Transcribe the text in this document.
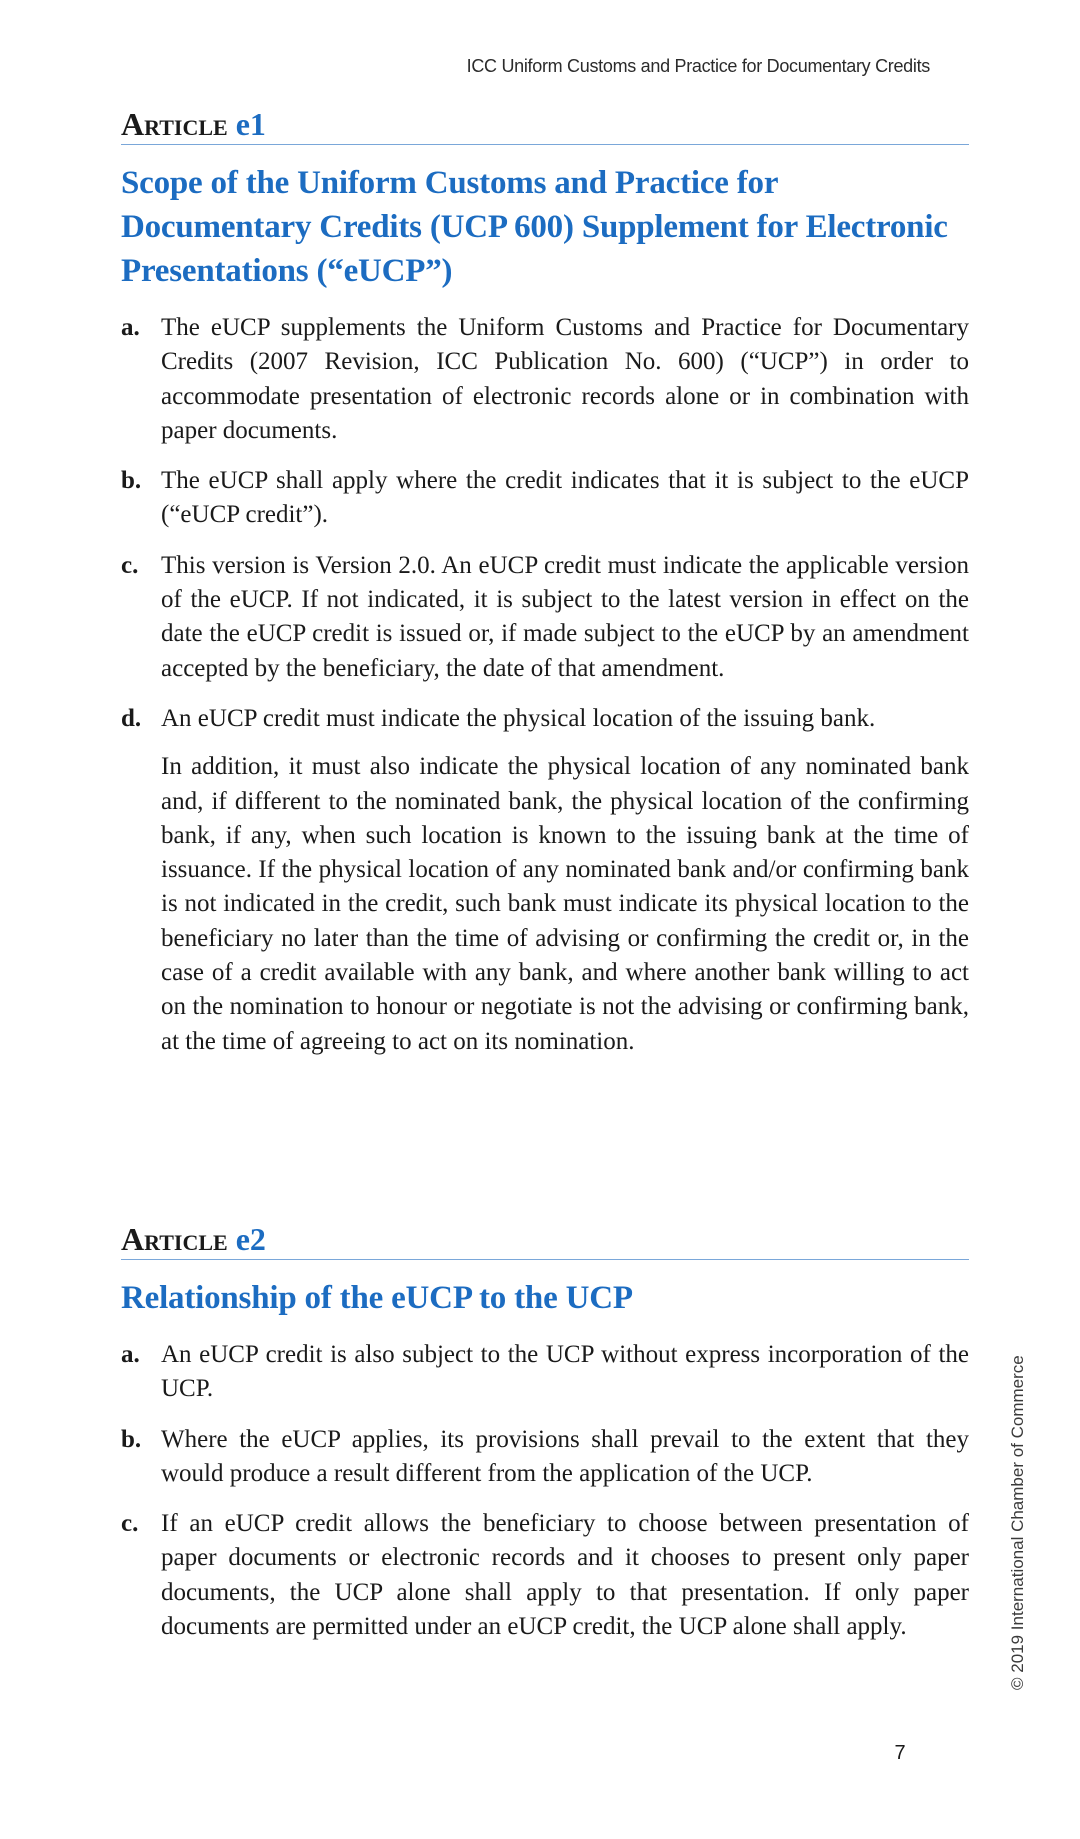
ICC Uniform Customs and Practice for Documentary Credits
Article e1
Scope of the Uniform Customs and Practice for Documentary Credits (UCP 600) Supplement for Electronic Presentations (“eUCP”)
a. The eUCP supplements the Uniform Customs and Practice for Documentary Credits (2007 Revision, ICC Publication No. 600) (“UCP”) in order to accommodate presentation of electronic records alone or in combination with paper documents.

b. The eUCP shall apply where the credit indicates that it is subject to the eUCP (“eUCP credit”).

c. This version is Version 2.0. An eUCP credit must indicate the applicable version of the eUCP. If not indicated, it is subject to the latest version in effect on the date the eUCP credit is issued or, if made subject to the eUCP by an amendment accepted by the beneficiary, the date of that amendment.

d. An eUCP credit must indicate the physical location of the issuing bank.

In addition, it must also indicate the physical location of any nominated bank and, if different to the nominated bank, the physical location of the confirming bank, if any, when such location is known to the issuing bank at the time of issuance. If the physical location of any nominated bank and/or confirming bank is not indicated in the credit, such bank must indicate its physical location to the beneficiary no later than the time of advising or confirming the credit or, in the case of a credit available with any bank, and where another bank willing to act on the nomination to honour or negotiate is not the advising or confirming bank, at the time of agreeing to act on its nomination.

Article e2
Relationship of the eUCP to the UCP
a. An eUCP credit is also subject to the UCP without express incorporation of the UCP.

b. Where the eUCP applies, its provisions shall prevail to the extent that they would produce a result different from the application of the UCP.

c. If an eUCP credit allows the beneficiary to choose between presentation of paper documents or electronic records and it chooses to present only paper documents, the UCP alone shall apply to that presentation. If only paper documents are permitted under an eUCP credit, the UCP alone shall apply.	© 2019 International Chamber of Commerce
7
